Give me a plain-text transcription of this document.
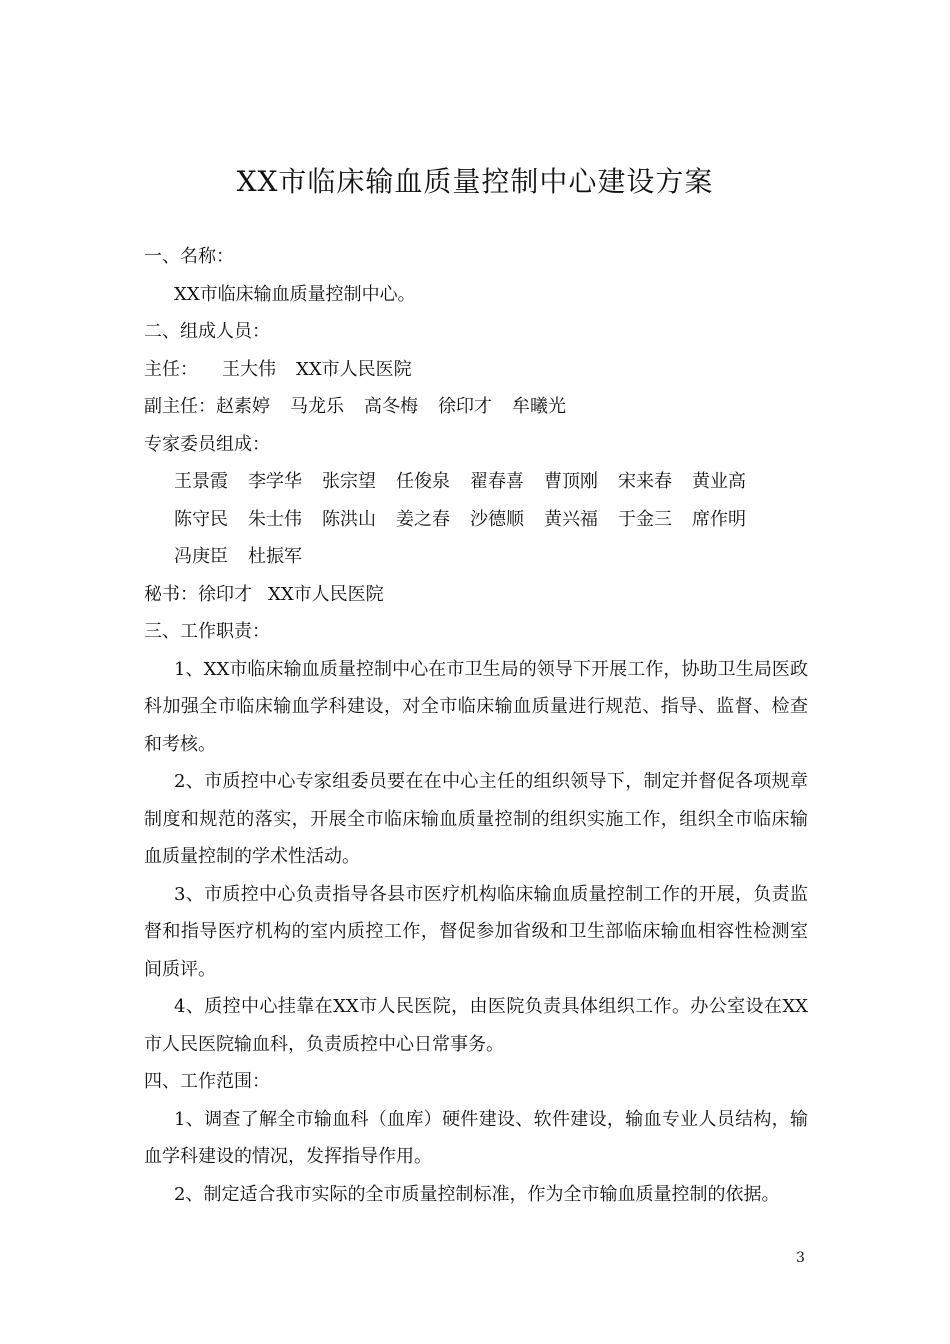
XX市临床输血质量控制中心建设方案
一、名称：
XX市临床输血质量控制中心。
二、组成人员：
主任： 王大伟 XX市人民医院
副主任：赵素婷 马龙乐 高冬梅 徐印才 牟曦光
专家委员组成：
王景霞 李学华 张宗望 任俊泉 翟春喜 曹顶刚 宋来春 黄业高
陈守民 朱士伟 陈洪山 姜之春 沙德顺 黄兴福 于金三 席作明
冯庚臣 杜振军
秘书：徐印才 XX市人民医院
三、工作职责：
1、XX市临床输血质量控制中心在市卫生局的领导下开展工作，协助卫生局医政科加强全市临床输血学科建设，对全市临床输血质量进行规范、指导、监督、检查和考核。
2、市质控中心专家组委员要在在中心主任的组织领导下，制定并督促各项规章制度和规范的落实，开展全市临床输血质量控制的组织实施工作，组织全市临床输血质量控制的学术性活动。
3、市质控中心负责指导各县市医疗机构临床输血质量控制工作的开展，负责监督和指导医疗机构的室内质控工作，督促参加省级和卫生部临床输血相容性检测室间质评。
4、质控中心挂靠在XX市人民医院，由医院负责具体组织工作。办公室设在XX市人民医院输血科，负责质控中心日常事务。
四、工作范围：
1、调查了解全市输血科（血库）硬件建设、软件建设，输血专业人员结构，输血学科建设的情况，发挥指导作用。
2、制定适合我市实际的全市质量控制标准，作为全市输血质量控制的依据。
3
